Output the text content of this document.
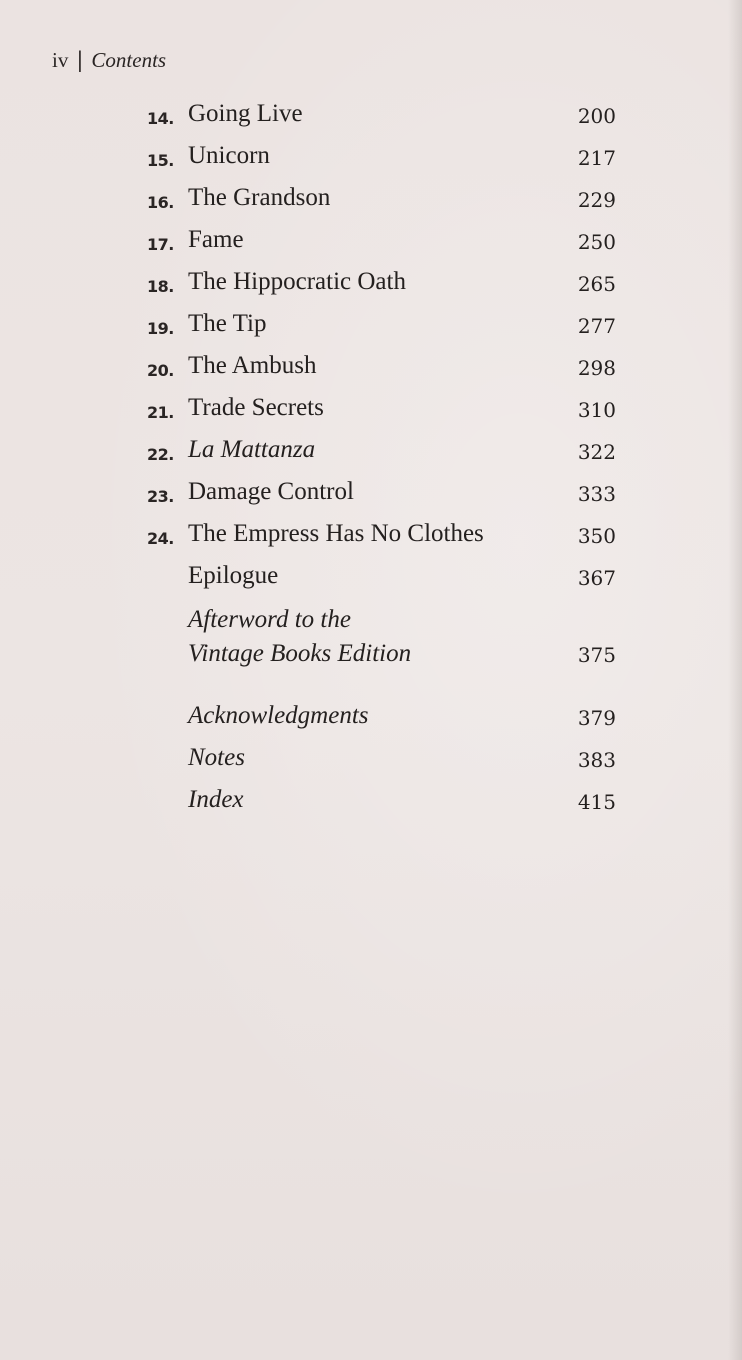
iv | Contents
14. Going Live	200
15. Unicorn	217
16. The Grandson	229
17. Fame	250
18. The Hippocratic Oath	265
19. The Tip	277
20. The Ambush	298
21. Trade Secrets	310
22. La Mattanza	322
23. Damage Control	333
24. The Empress Has No Clothes	350
Epilogue	367
Afterword to the
Vintage Books Edition	375
Acknowledgments	379
Notes	383
Index	415
